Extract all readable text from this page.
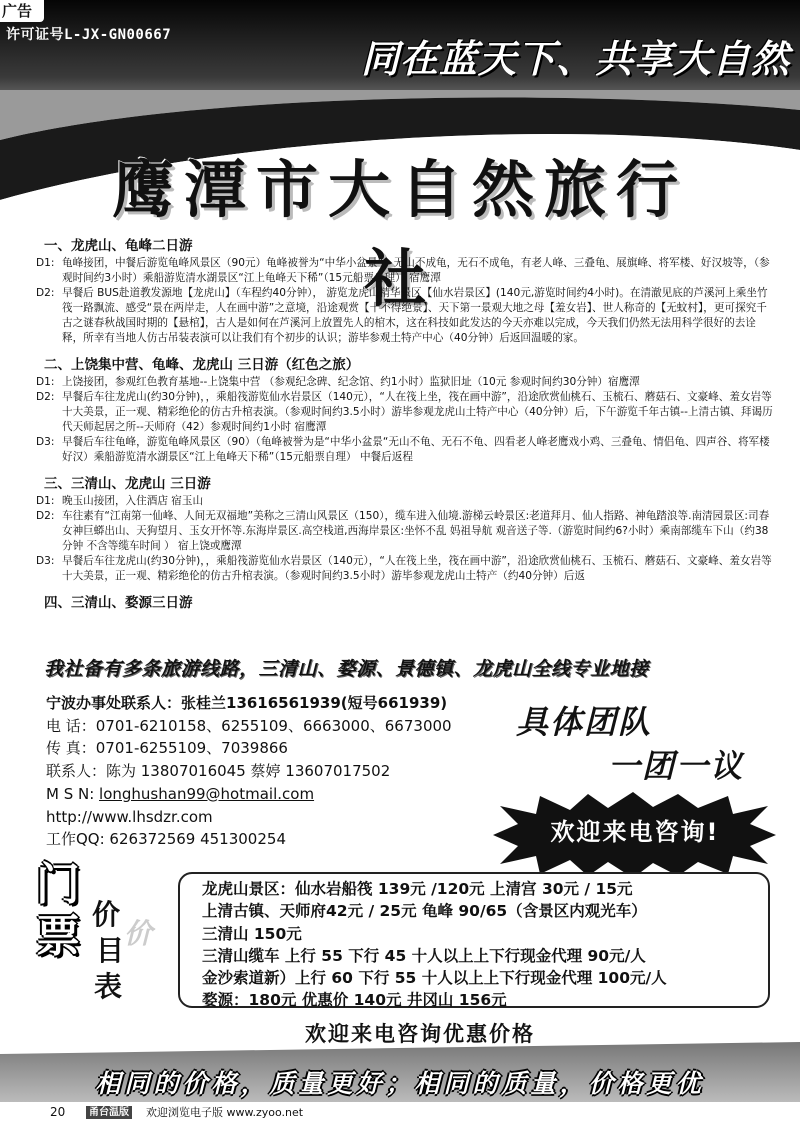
广告
许可证号L-JX-GN00667
同在蓝天下、共享大自然
鹰潭市大自然旅行社
一、龙虎山、龟峰二日游
D1: 龟峰接团，中餐后游览龟峰风景区（90元）龟峰被誉为“中华小盆景”，无山不成龟，无石不成龟，有老人峰、三叠龟、展旗峰、将军楼、好汉坡等，（参观时间约3小时）乘船游览清水湖景区“江上龟峰天下稀”（15元船票自理） 宿鹰潭
D2: 早餐后 BUS赴道教发源地【龙虎山】（车程约40分钟）， 游览龙虎山精华景区【仙水岩景区】(140元,游览时间约4小时)。在清澈见底的芦溪河上乘坐竹筏一路飘流、感受“景在两岸走，人在画中游”之意境，沿途观赏【十不得绝景】、天下第一景观大地之母【羞女岩】、世人称奇的【无蚊村】，更可探究千古之谜春秋战国时期的【悬棺】，古人是如何在芦溪河上放置先人的棺木，这在科技如此发达的今天亦难以完成，今天我们仍然无法用科学很好的去诠释，所幸有当地人仿古吊装表演可以让我们有个初步的认识；游毕参观土特产中心（40分钟）后返回温暖的家。
二、上饶集中营、龟峰、龙虎山 三日游（红色之旅）
D1: 上饶接团，参观红色教育基地--上饶集中营 （参观纪念碑、纪念馆、约1小时）监狱旧址（10元 参观时间约30分钟）宿鹰潭
D2: 早餐后车往龙虎山(约30分钟)，，乘船筏游览仙水岩景区（140元），“人在筏上坐，筏在画中游”，沿途欣赏仙桃石、玉梳石、蘑菇石、文豪峰、羞女岩等十大美景，正一观、精彩绝伦的仿古升棺表演。（参观时间约3.5小时）游毕参观龙虎山土特产中心（40分钟）后，下午游览千年古镇--上清古镇、拜谒历代天师起居之所--天师府（42）参观时间约1小时 宿鹰潭
D3: 早餐后车往龟峰，游览龟峰风景区（90）（龟峰被誉为是“中华小盆景“无山不龟、无石不龟、四看老人峰老鹰戏小鸡、三叠龟、情侣龟、四声谷、将军楼好汉）乘船游览清水湖景区“江上龟峰天下稀”（15元船票自理） 中餐后返程
三、三清山、龙虎山 三日游
D1: 晚玉山接团，入住酒店 宿玉山
D2: 车往素有“江南第一仙峰、人间无双福地”美称之三清山风景区（150），缆车进入仙境.游梯云岭景区:老道拜月、仙人指路、神龟踏浪等.南清园景区:司春女神巨蟒出山、天狗望月、玉女开怀等.东海岸景区.高空栈道,西海岸景区:坐怀不乱 妈祖导航 观音送子等.（游览时间约6?小时）乘南部缆车下山（约38分钟 不含等缆车时间 ） 宿上饶或鹰潭
D3: 早餐后车往龙虎山(约30分钟)，，乘船筏游览仙水岩景区（140元），“人在筏上坐，筏在画中游”，沿途欣赏仙桃石、玉梳石、蘑菇石、文豪峰、羞女岩等十大美景，正一观、精彩绝伦的仿古升棺表演。（参观时间约3.5小时）游毕参观龙虎山土特产（约40分钟）后返
四、三清山、婺源三日游
我社备有多条旅游线路，三清山、婺源、景德镇、龙虎山全线专业地接
宁波办事处联系人：张桂兰13616561939(短号661939)
电 话：0701-6210158、6255109、6663000、6673000
传 真：0701-6255109、7039866
联系人：陈为 13807016045 蔡婷 13607017502
M S N: longhushan99@hotmail.com
http://www.lhsdzr.com
工作QQ: 626372569 451300254
具体团队
一团一议
欢迎来电咨询!
门
票 价
价
目
表
龙虎山景区：仙水岩船筏 139元 /120元 上清宫 30元 / 15元
上清古镇、天师府42元 / 25元 龟峰 90/65（含景区内观光车）
三清山 150元
三清山缆车 上行 55 下行 45 十人以上上下行现金代理 90元/人
金沙索道新）上行 60 下行 55 十人以上上下行现金代理 100元/人
婺源：180元 优惠价 140元 井冈山 156元
欢迎来电咨询优惠价格
相同的价格，质量更好；相同的质量，价格更优
20	甬台温版 欢迎浏览电子版 www.zyoo.net
